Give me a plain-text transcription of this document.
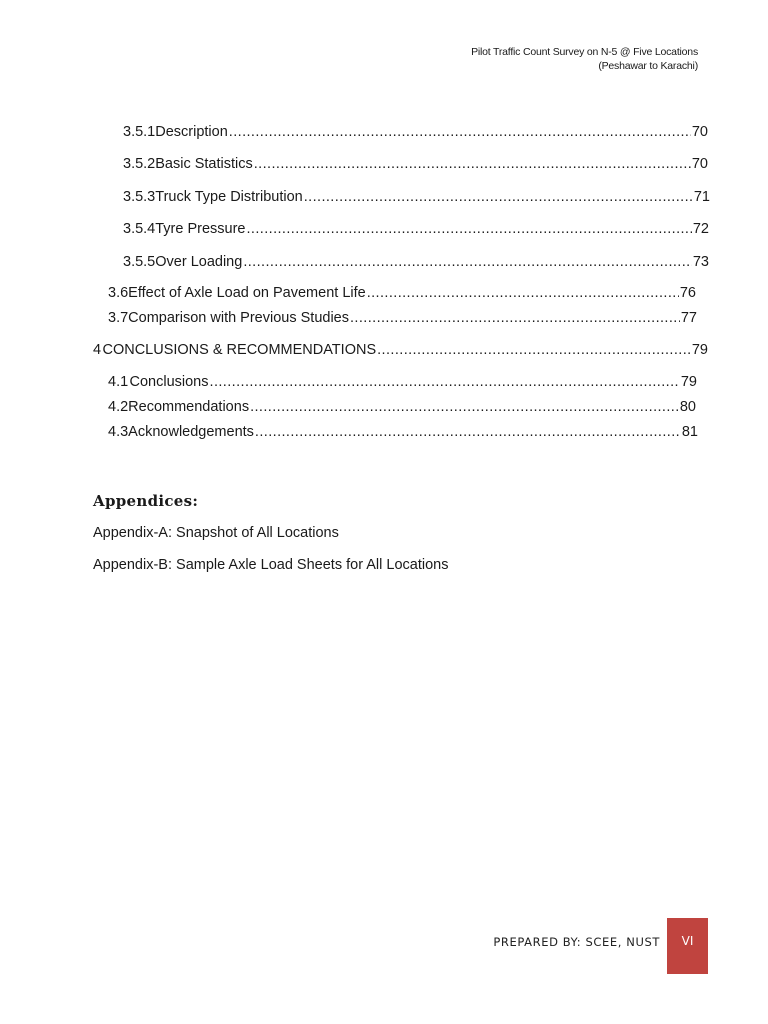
Pilot Traffic Count Survey on N-5 @ Five Locations
(Peshawar to Karachi)
3.5.1 Description .....	70
3.5.2 Basic Statistics .....	70
3.5.3 Truck Type Distribution .....	71
3.5.4 Tyre Pressure .....	72
3.5.5 Over Loading .....	73
3.6 Effect of Axle Load on Pavement Life .....	76
3.7 Comparison with Previous Studies .....	77
4 CONCLUSIONS & RECOMMENDATIONS .....	79
4.1 Conclusions .....	79
4.2 Recommendations .....	80
4.3 Acknowledgements .....	81
Appendices:
Appendix-A: Snapshot of All Locations
Appendix-B: Sample Axle Load Sheets for All Locations
PREPARED BY: SCEE, NUST	VI
